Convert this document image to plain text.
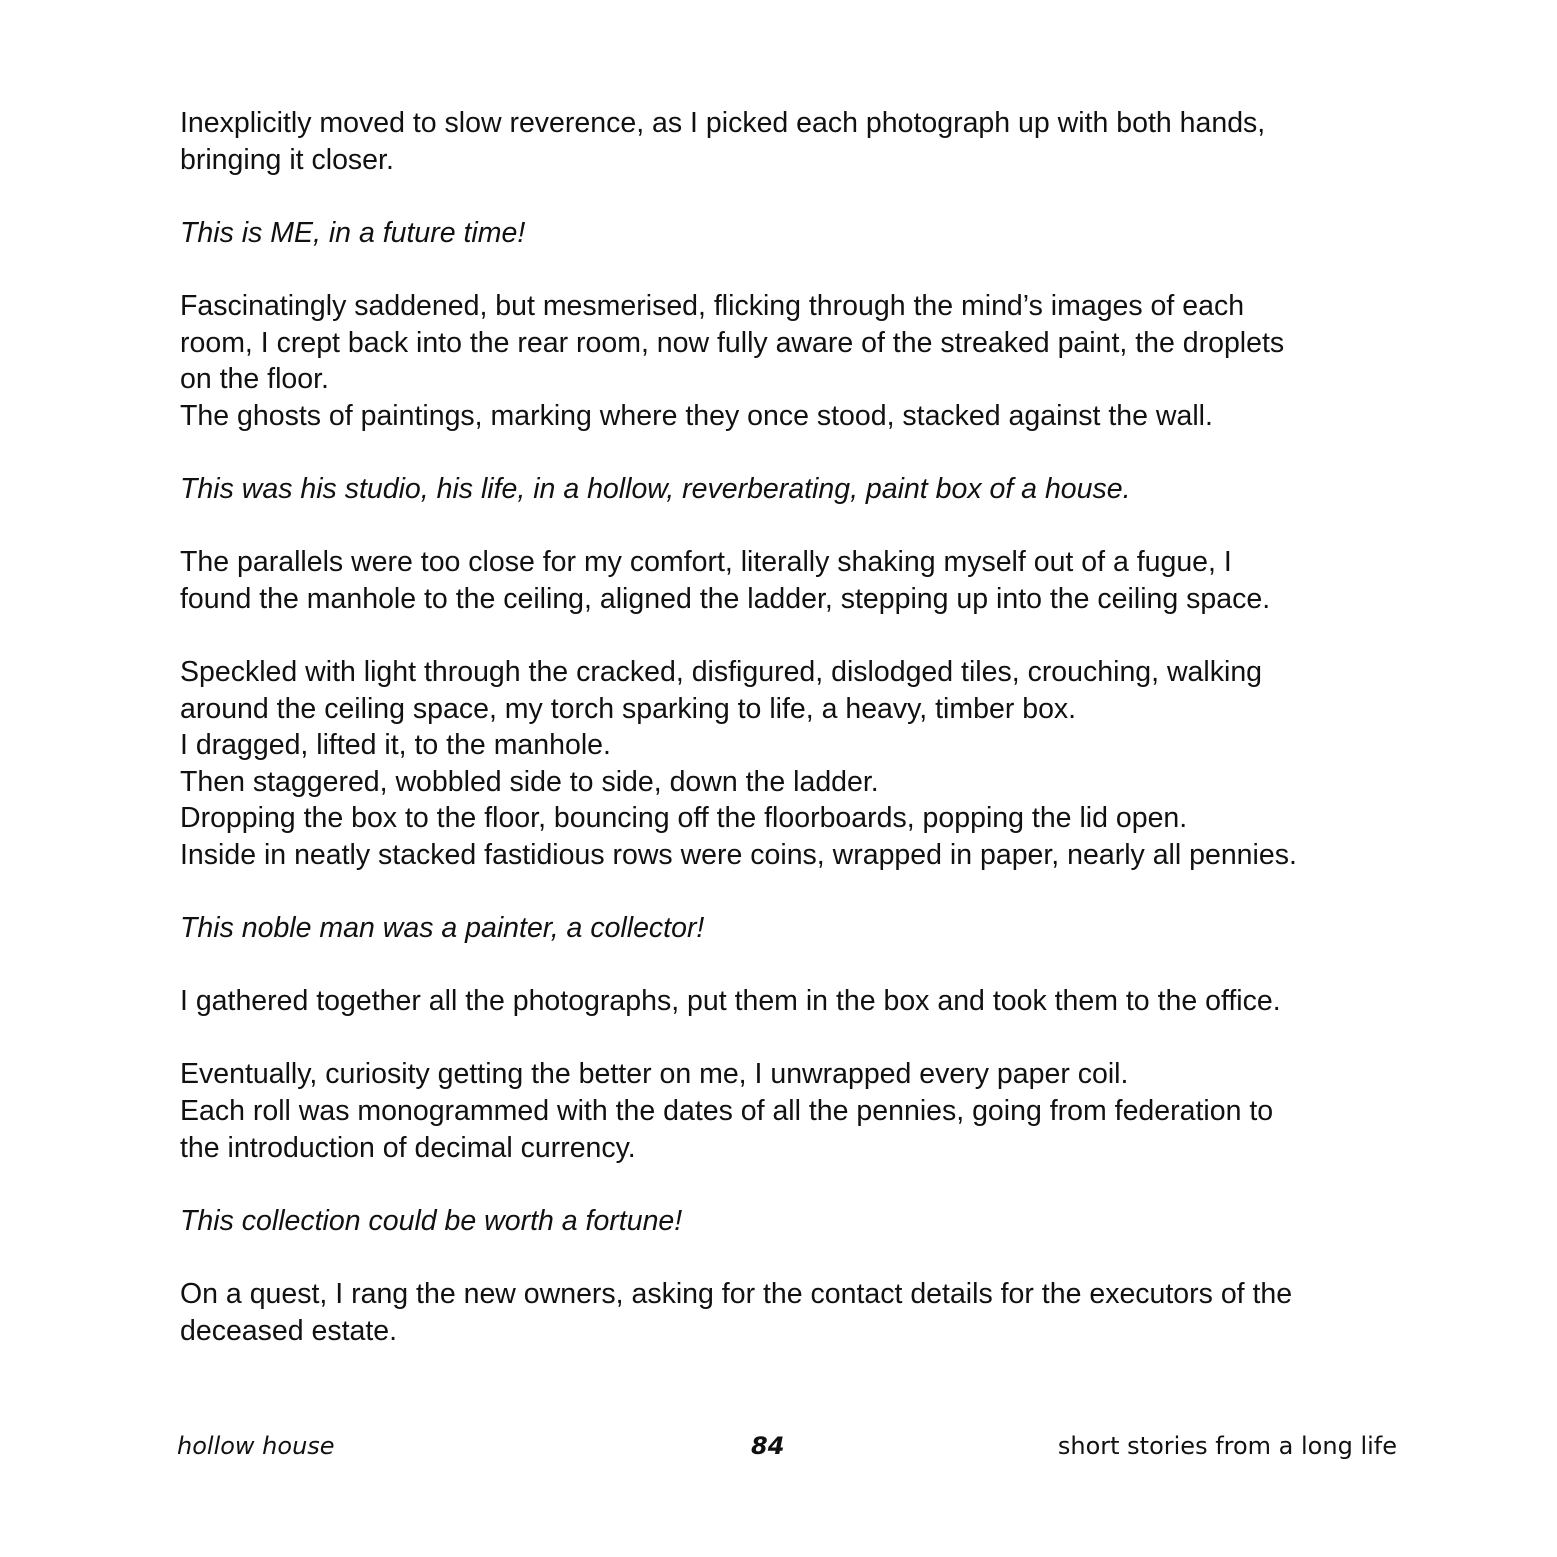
Inexplicitly moved to slow reverence, as I picked each photograph up with both hands,
bringing it closer.

This is ME, in a future time!

Fascinatingly saddened, but mesmerised, flicking through the mind’s images of each
room, I crept back into the rear room, now fully aware of the streaked paint, the droplets
on the floor.
The ghosts of paintings, marking where they once stood, stacked against the wall.

This was his studio, his life, in a hollow, reverberating, paint box of a house.

The parallels were too close for my comfort, literally shaking myself out of a fugue, I
found the manhole to the ceiling, aligned the ladder, stepping up into the ceiling space.

Speckled with light through the cracked, disfigured, dislodged tiles, crouching, walking
around the ceiling space, my torch sparking to life, a heavy, timber box.
I dragged, lifted it, to the manhole.
Then staggered, wobbled side to side, down the ladder.
Dropping the box to the floor, bouncing off the floorboards, popping the lid open.
Inside in neatly stacked fastidious rows were coins, wrapped in paper, nearly all pennies.

This noble man was a painter, a collector!

I gathered together all the photographs, put them in the box and took them to the office.

Eventually, curiosity getting the better on me, I unwrapped every paper coil.
Each roll was monogrammed with the dates of all the pennies, going from federation to
the introduction of decimal currency.

This collection could be worth a fortune!

On a quest, I rang the new owners, asking for the contact details for the executors of the
deceased estate.

hollow house	84	short stories from a long life
